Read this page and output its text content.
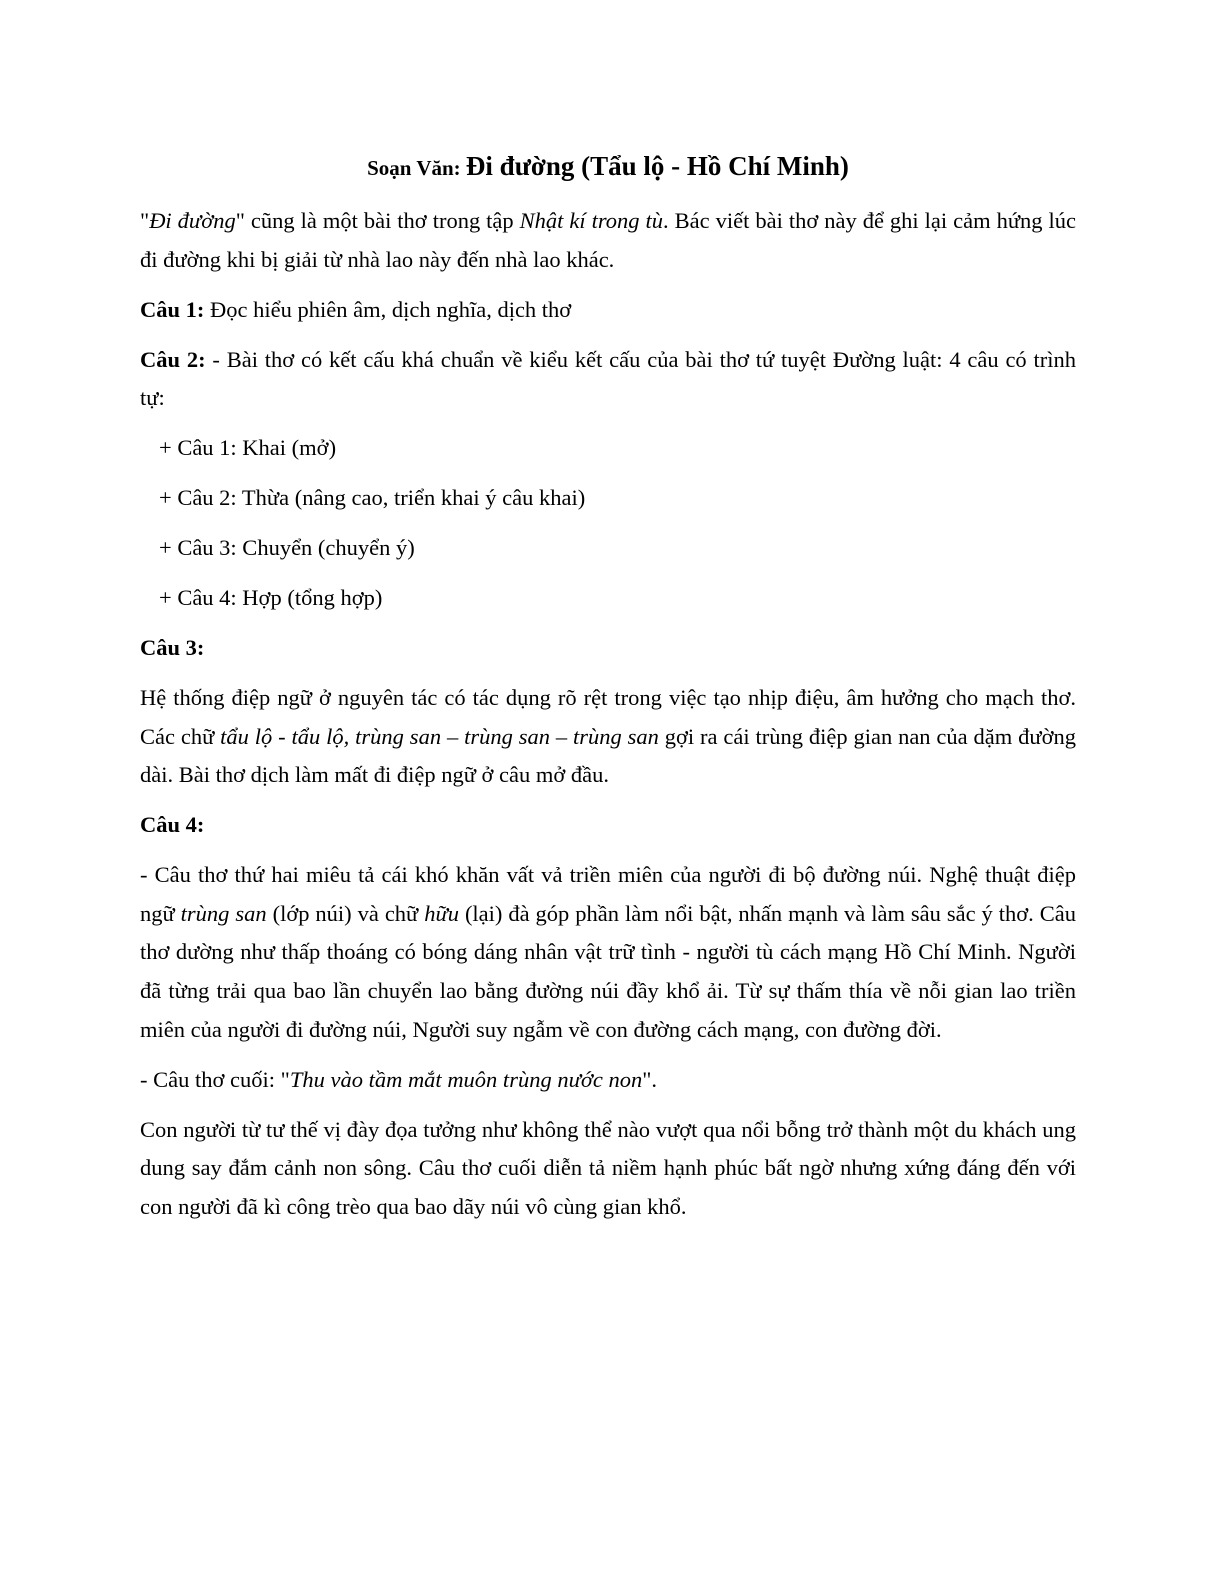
Soạn Văn: Đi đường (Tẩu lộ - Hồ Chí Minh)

"Đi đường" cũng là một bài thơ trong tập Nhật kí trong tù. Bác viết bài thơ này để ghi lại cảm hứng lúc đi đường khi bị giải từ nhà lao này đến nhà lao khác.

Câu 1: Đọc hiểu phiên âm, dịch nghĩa, dịch thơ

Câu 2: - Bài thơ có kết cấu khá chuẩn về kiểu kết cấu của bài thơ tứ tuyệt Đường luật: 4 câu có trình tự:

+ Câu 1: Khai (mở)

+ Câu 2: Thừa (nâng cao, triển khai ý câu khai)

+ Câu 3: Chuyển (chuyển ý)

+ Câu 4: Hợp (tổng hợp)

Câu 3:

Hệ thống điệp ngữ ở nguyên tác có tác dụng rõ rệt trong việc tạo nhịp điệu, âm hưởng cho mạch thơ. Các chữ tẩu lộ - tẩu lộ, trùng san – trùng san – trùng san gợi ra cái trùng điệp gian nan của dặm đường dài. Bài thơ dịch làm mất đi điệp ngữ ở câu mở đầu.

Câu 4:

- Câu thơ thứ hai miêu tả cái khó khăn vất vả triền miên của người đi bộ đường núi. Nghệ thuật điệp ngữ trùng san (lớp núi) và chữ hữu (lại) đà góp phần làm nổi bật, nhấn mạnh và làm sâu sắc ý thơ. Câu thơ dường như thấp thoáng có bóng dáng nhân vật trữ tình - người tù cách mạng Hồ Chí Minh. Người đã từng trải qua bao lần chuyển lao bằng đường núi đầy khổ ải. Từ sự thấm thía về nỗi gian lao triền miên của người đi đường núi, Người suy ngẫm về con đường cách mạng, con đường đời.

- Câu thơ cuối: "Thu vào tầm mắt muôn trùng nước non".

Con người từ tư thế vị đày đọa tưởng như không thể nào vượt qua nổi bỗng trở thành một du khách ung dung say đắm cảnh non sông. Câu thơ cuối diễn tả niềm hạnh phúc bất ngờ nhưng xứng đáng đến với con người đã kì công trèo qua bao dãy núi vô cùng gian khổ.
